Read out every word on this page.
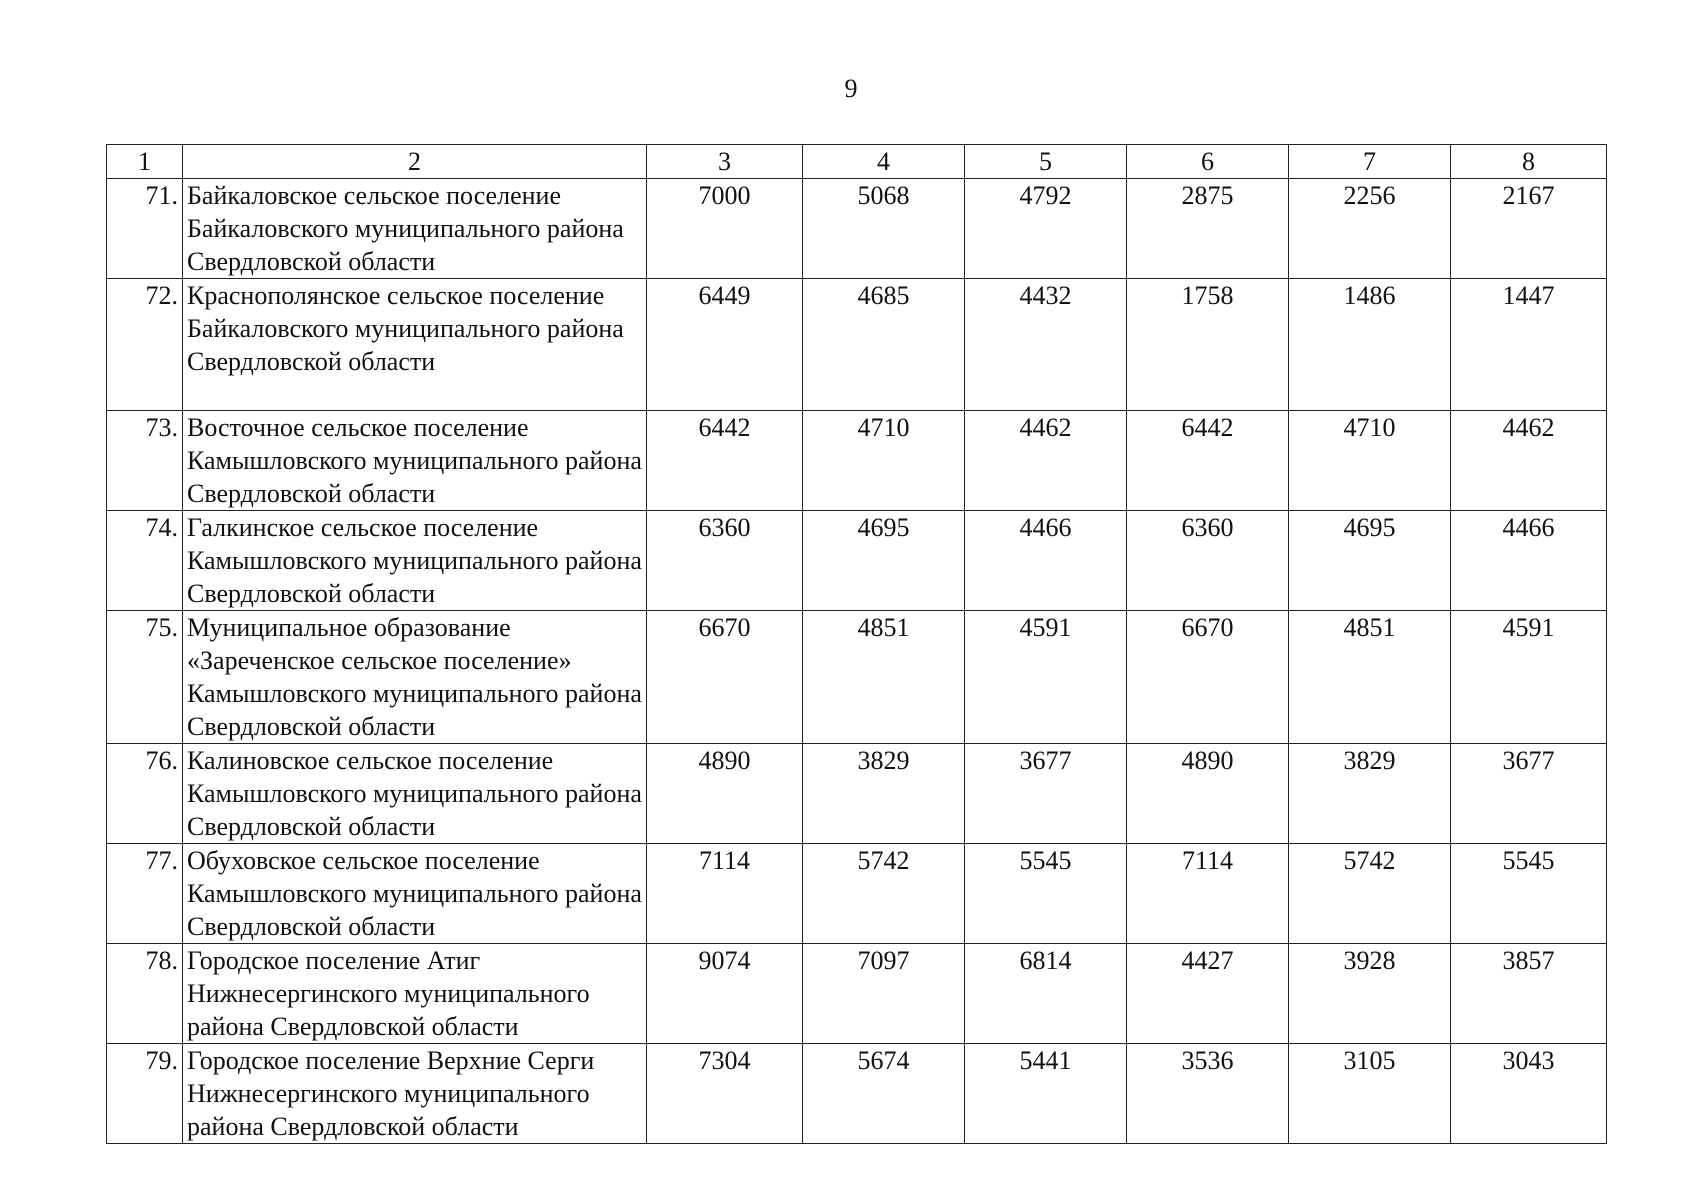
9
1	2	3	4	5	6	7	8
71.	Байкаловское сельское поселение Байкаловского муниципального района Свердловской области	7000	5068	4792	2875	2256	2167
72.	Краснополянское сельское поселение Байкаловского муниципального района Свердловской области	6449	4685	4432	1758	1486	1447
73.	Восточное сельское поселение Камышловского муниципального района Свердловской области	6442	4710	4462	6442	4710	4462
74.	Галкинское сельское поселение Камышловского муниципального района Свердловской области	6360	4695	4466	6360	4695	4466
75.	Муниципальное образование «Зареченское сельское поселение» Камышловского муниципального района Свердловской области	6670	4851	4591	6670	4851	4591
76.	Калиновское сельское поселение Камышловского муниципального района Свердловской области	4890	3829	3677	4890	3829	3677
77.	Обуховское сельское поселение Камышловского муниципального района Свердловской области	7114	5742	5545	7114	5742	5545
78.	Городское поселение Атиг Нижнесергинского муниципального района Свердловской области	9074	7097	6814	4427	3928	3857
79.	Городское поселение Верхние Серги Нижнесергинского муниципального района Свердловской области	7304	5674	5441	3536	3105	3043
